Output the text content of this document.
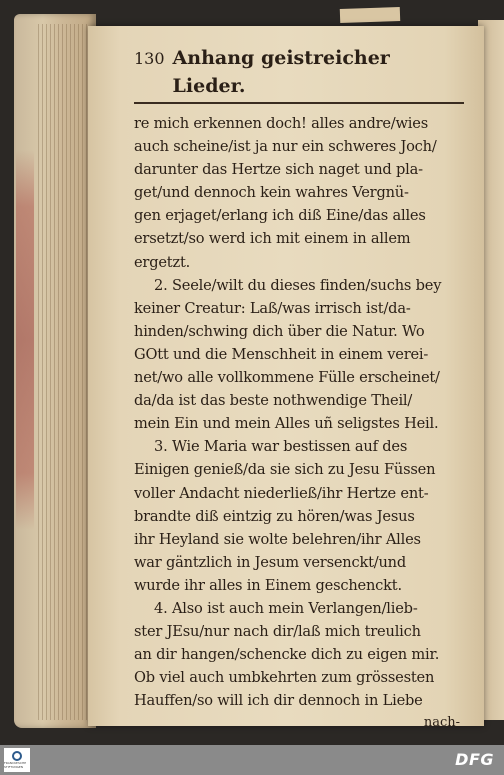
130 Anhang geistreicher Lieder.
re mich erkennen doch! alles andre/wies
auch scheine/ist ja nur ein schweres Joch/
darunter das Hertze sich naget und pla-
get/und dennoch kein wahres Vergnü-
gen erjaget/erlang ich diß Eine/das alles
ersetzt/so werd ich mit einem in allem
ergetzt.
2. Seele/wilt du dieses finden/suchs bey
keiner Creatur: Laß/was irrisch ist/da-
hinden/schwing dich über die Natur. Wo
GOtt und die Menschheit in einem verei-
net/wo alle vollkommene Fülle erscheinet/
da/da ist das beste nothwendige Theil/
mein Ein und mein Alles uñ seligstes Heil.
3. Wie Maria war bestissen auf des
Einigen genieß/da sie sich zu Jesu Füssen
voller Andacht niederließ/ihr Hertze ent-
brandte diß eintzig zu hören/was Jesus
ihr Heyland sie wolte belehren/ihr Alles
war gäntzlich in Jesum versenckt/und
wurde ihr alles in Einem geschenckt.
4. Also ist auch mein Verlangen/lieb-
ster JEsu/nur nach dir/laß mich treulich
an dir hangen/schencke dich zu eigen mir.
Ob viel auch umbkehrten zum grössesten
Hauffen/so will ich dir dennoch in Liebe
nach-
FRANCKESCHE STIFTUNGEN	DFG
